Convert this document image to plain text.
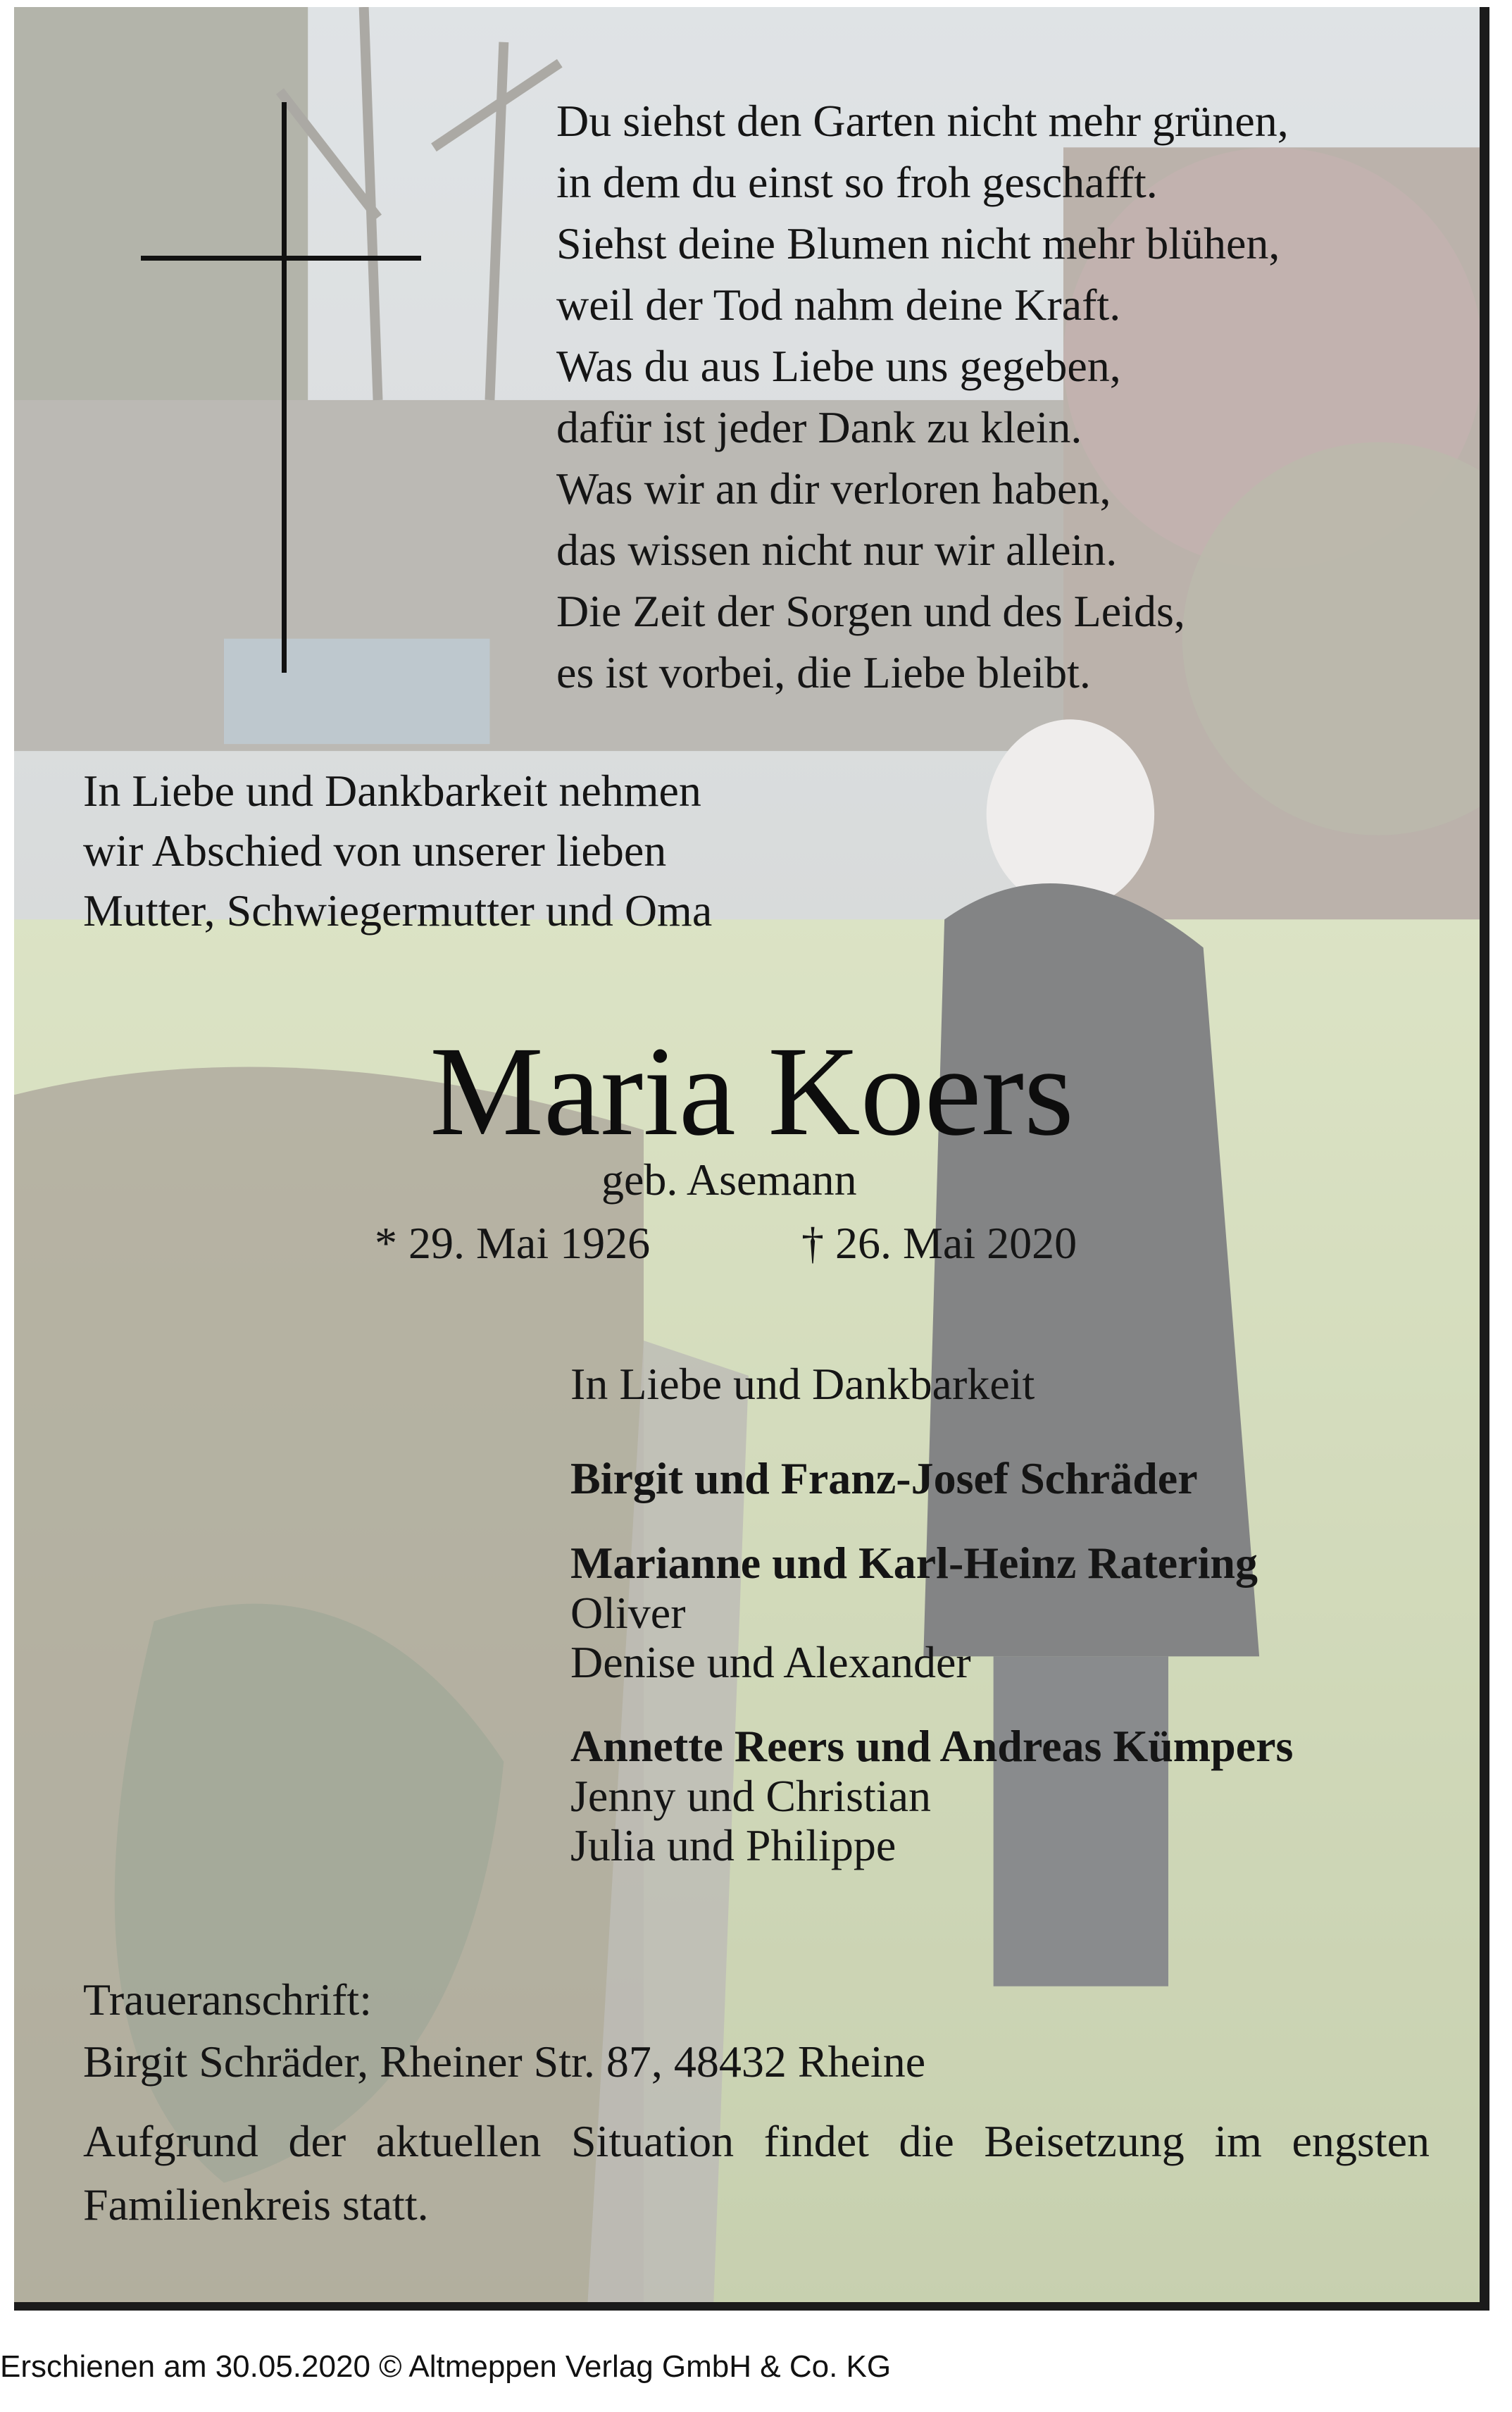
Du siehst den Garten nicht mehr grünen,
in dem du einst so froh geschafft.
Siehst deine Blumen nicht mehr blühen,
weil der Tod nahm deine Kraft.
Was du aus Liebe uns gegeben,
dafür ist jeder Dank zu klein.
Was wir an dir verloren haben,
das wissen nicht nur wir allein.
Die Zeit der Sorgen und des Leids,
es ist vorbei, die Liebe bleibt.
In Liebe und Dankbarkeit nehmen
wir Abschied von unserer lieben
Mutter, Schwiegermutter und Oma
Maria Koers
geb. Asemann
* 29. Mai 1926	† 26. Mai 2020

In Liebe und Dankbarkeit

Birgit und Franz-Josef Schräder
Marianne und Karl-Heinz Ratering
Oliver
Denise und Alexander
Annette Reers und Andreas Kümpers
Jenny und Christian
Julia und Philippe
Traueranschrift:
Birgit Schräder, Rheiner Str. 87, 48432 Rheine

Aufgrund der aktuellen Situation findet die Beisetzung im engsten Familienkreis statt.

Erschienen am 30.05.2020 © Altmeppen Verlag GmbH & Co. KG
